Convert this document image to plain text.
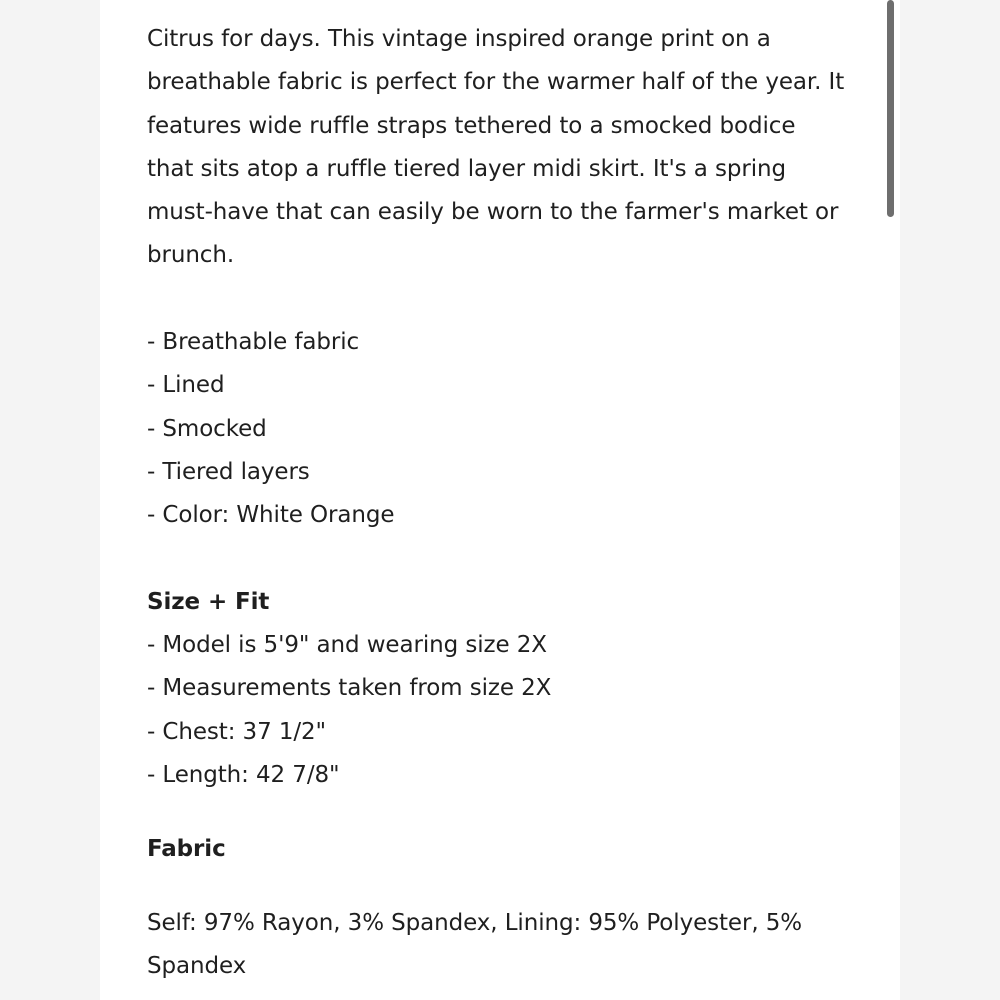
Citrus for days. This vintage inspired orange print on a breathable fabric is perfect for the warmer half of the year. It features wide ruffle straps tethered to a smocked bodice that sits atop a ruffle tiered layer midi skirt. It's a spring must-have that can easily be worn to the farmer's market or brunch.

- Breathable fabric

- Lined

- Smocked

- Tiered layers

- Color: White Orange

Size + Fit

- Model is 5'9" and wearing size 2X

- Measurements taken from size 2X

- Chest: 37 1/2"

- Length: 42 7/8"

Fabric

Self: 97% Rayon, 3% Spandex, Lining: 95% Polyester, 5% Spandex
